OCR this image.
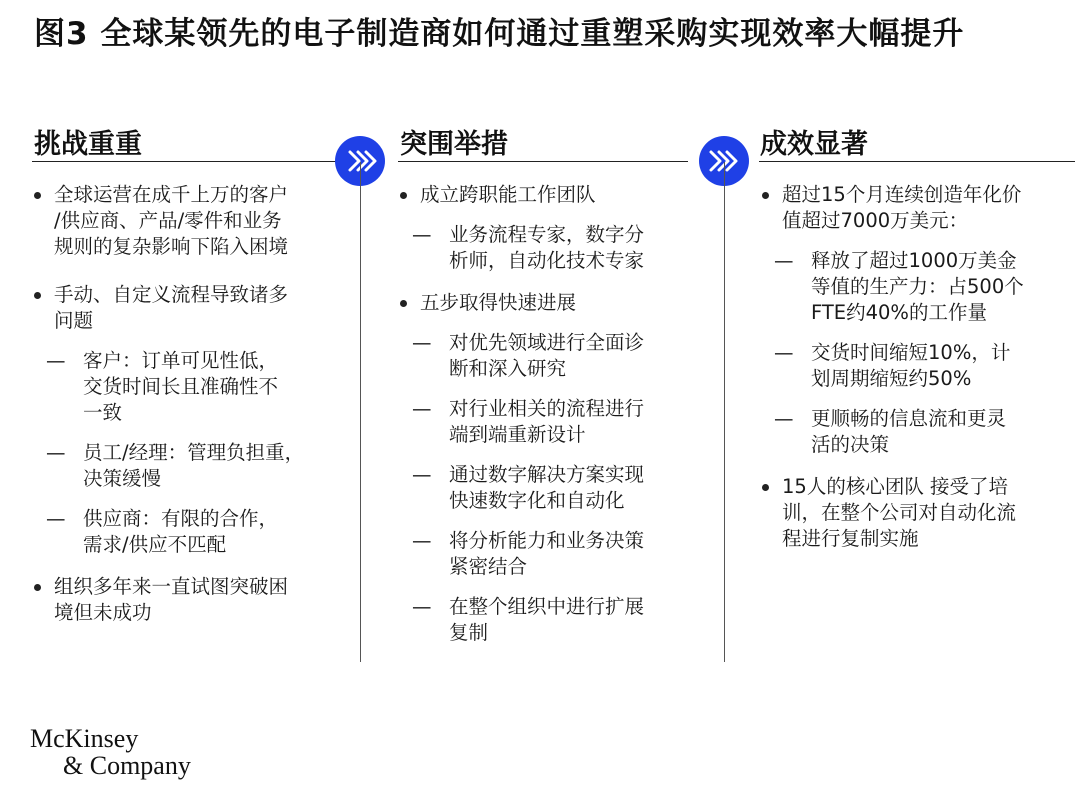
图3 全球某领先的电子制造商如何通过重塑采购实现效率大幅提升
挑战重重	突围举措	成效显著
全球运营在成千上万的客户
/供应商、产品/零件和业务
规则的复杂影响下陷入困境
手动、自定义流程导致诸多
问题
— 客户：订单可见性低，
交货时间长且准确性不
一致
— 员工/经理：管理负担重，
决策缓慢
— 供应商：有限的合作，
需求/供应不匹配
组织多年来一直试图突破困
境但未成功
成立跨职能工作团队
— 业务流程专家，数字分
析师，自动化技术专家
五步取得快速进展
— 对优先领域进行全面诊
断和深入研究
— 对行业相关的流程进行
端到端重新设计
— 通过数字解决方案实现
快速数字化和自动化
— 将分析能力和业务决策
紧密结合
— 在整个组织中进行扩展
复制
超过15个月连续创造年化价
值超过7000万美元：
— 释放了超过1000万美金
等值的生产力：占500个
FTE约40%的工作量
— 交货时间缩短10%，计
划周期缩短约50%
— 更顺畅的信息流和更灵
活的决策
15人的核心团队 接受了培
训，在整个公司对自动化流
程进行复制实施
McKinsey
& Company
